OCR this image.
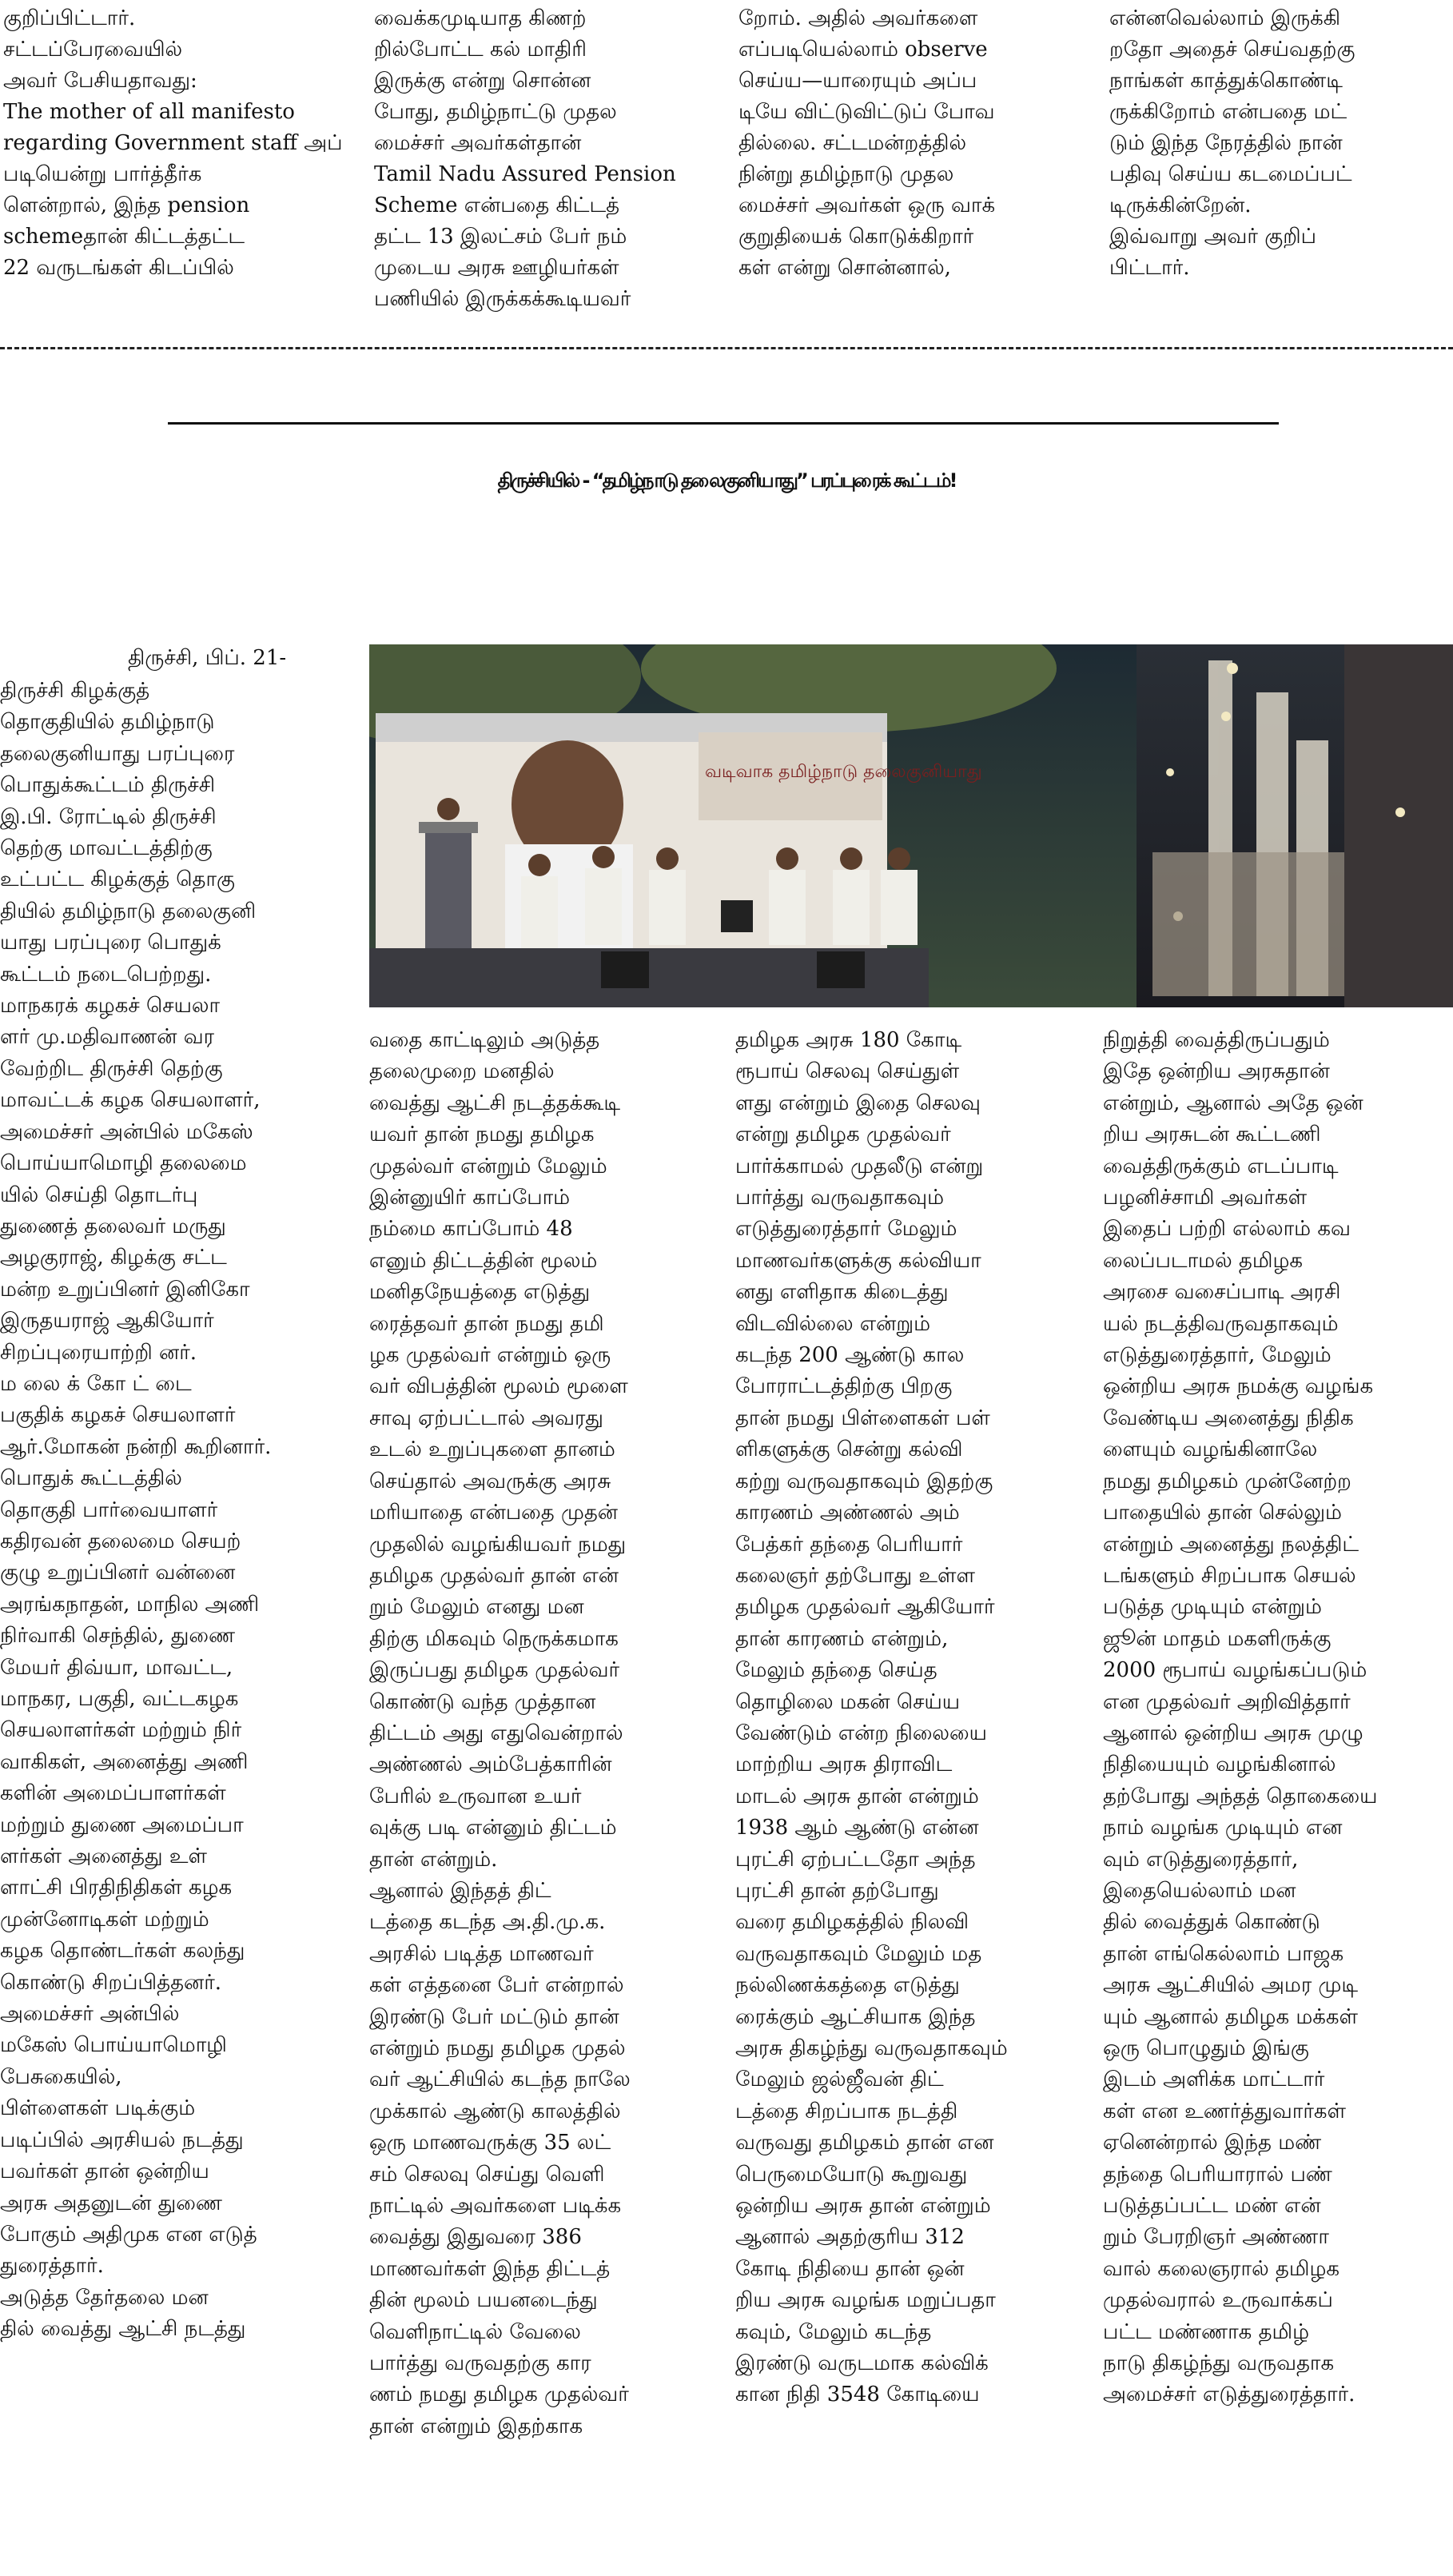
குறிப்பிட்டார்.
சட்டப்பேரவையில்
அவர் பேசியதாவது:
The mother of all manifesto
regarding Government staff அப்
படியென்று பார்த்தீர்க
ளென்றால், இந்த pension
schemeதான் கிட்டத்தட்ட
22 வருடங்கள் கிடப்பில்
வைக்கமுடியாத கிணற்
றில்போட்ட கல் மாதிரி
இருக்கு என்று சொன்ன
போது, தமிழ்நாட்டு முதல
மைச்சர் அவர்கள்தான்
Tamil Nadu Assured Pension
Scheme என்பதை கிட்டத்
தட்ட 13 இலட்சம் பேர் நம்
முடைய அரசு ஊழியர்கள்
பணியில் இருக்கக்கூடியவர்
றோம். அதில் அவர்களை
எப்படியெல்லாம் observe
செய்ய—யாரையும் அப்ப
டியே விட்டுவிட்டுப் போவ
தில்லை. சட்டமன்றத்தில்
நின்று தமிழ்நாடு முதல
மைச்சர் அவர்கள் ஒரு வாக்
குறுதியைக் கொடுக்கிறார்
கள் என்று சொன்னால்,
என்னவெல்லாம் இருக்கி
றதோ அதைச் செய்வதற்கு
நாங்கள் காத்துக்கொண்டி
ருக்கிறோம் என்பதை மட்
டும் இந்த நேரத்தில் நான்
பதிவு செய்ய கடமைப்பட்
டிருக்கின்றேன்.
இவ்வாறு அவர் குறிப்
பிட்டார்.
திருச்சியில் - “தமிழ்நாடு தலைகுனியாது” பரப்புரைக் கூட்டம்!
வடிவாக தமிழ்நாடு தலைகுனியாது
திருச்சி, பிப். 21-
திருச்சி கிழக்குத்
தொகுதியில் தமிழ்நாடு
தலைகுனியாது பரப்புரை
பொதுக்கூட்டம் திருச்சி
இ.பி. ரோட்டில் திருச்சி
தெற்கு மாவட்டத்திற்கு
உட்பட்ட கிழக்குத் தொகு
தியில் தமிழ்நாடு தலைகுனி
யாது பரப்புரை பொதுக்
கூட்டம் நடைபெற்றது.
மாநகரக் கழகச் செயலா
ளர் மு.மதிவாணன் வர
வேற்றிட திருச்சி தெற்கு
மாவட்டக் கழக செயலாளர்,
அமைச்சர் அன்பில் மகேஸ்
பொய்யாமொழி தலைமை
யில் செய்தி தொடர்பு
துணைத் தலைவர் மருது
அழகுராஜ், கிழக்கு சட்ட
மன்ற உறுப்பினர் இனிகோ
இருதயராஜ் ஆகியோர்
சிறப்புரையாற்றி னர்.
ம லை க் கோ ட் டை
பகுதிக் கழகச் செயலாளர்
ஆர்.மோகன் நன்றி கூறினார்.
பொதுக் கூட்டத்தில்
தொகுதி பார்வையாளர்
கதிரவன் தலைமை செயற்
குழு உறுப்பினர் வன்னை
அரங்கநாதன், மாநில அணி
நிர்வாகி செந்தில், துணை
மேயர் திவ்யா, மாவட்ட,
மாநகர, பகுதி, வட்டகழக
செயலாளர்கள் மற்றும் நிர்
வாகிகள், அனைத்து அணி
களின் அமைப்பாளர்கள்
மற்றும் துணை அமைப்பா
ளர்கள் அனைத்து உள்
ளாட்சி பிரதிநிதிகள் கழக
முன்னோடிகள் மற்றும்
கழக தொண்டர்கள் கலந்து
கொண்டு சிறப்பித்தனர்.
அமைச்சர் அன்பில்
மகேஸ் பொய்யாமொழி
பேசுகையில்,
பிள்ளைகள் படிக்கும்
படிப்பில் அரசியல் நடத்து
பவர்கள் தான் ஒன்றிய
அரசு அதனுடன் துணை
போகும் அதிமுக என எடுத்
துரைத்தார்.
அடுத்த தேர்தலை மன
தில் வைத்து ஆட்சி நடத்து
வதை காட்டிலும் அடுத்த
தலைமுறை மனதில்
வைத்து ஆட்சி நடத்தக்கூடி
யவர் தான் நமது தமிழக
முதல்வர் என்றும் மேலும்
இன்னுயிர் காப்போம்
நம்மை காப்போம் 48
எனும் திட்டத்தின் மூலம்
மனிதநேயத்தை எடுத்து
ரைத்தவர் தான் நமது தமி
ழக முதல்வர் என்றும் ஒரு
வர் விபத்தின் மூலம் மூளை
சாவு ஏற்பட்டால் அவரது
உடல் உறுப்புகளை தானம்
செய்தால் அவருக்கு அரசு
மரியாதை என்பதை முதன்
முதலில் வழங்கியவர் நமது
தமிழக முதல்வர் தான் என்
றும் மேலும் எனது மன
திற்கு மிகவும் நெருக்கமாக
இருப்பது தமிழக முதல்வர்
கொண்டு வந்த முத்தான
திட்டம் அது எதுவென்றால்
அண்ணல் அம்பேத்காரின்
பேரில் உருவான உயர்
வுக்கு படி என்னும் திட்டம்
தான் என்றும்.
ஆனால் இந்தத் திட்
டத்தை கடந்த அ.தி.மு.க.
அரசில் படித்த மாணவர்
கள் எத்தனை பேர் என்றால்
இரண்டு பேர் மட்டும் தான்
என்றும் நமது தமிழக முதல்
வர் ஆட்சியில் கடந்த நாலே
முக்கால் ஆண்டு காலத்தில்
ஒரு மாணவருக்கு 35 லட்
சம் செலவு செய்து வெளி
நாட்டில் அவர்களை படிக்க
வைத்து இதுவரை 386
மாணவர்கள் இந்த திட்டத்
தின் மூலம் பயனடைந்து
வெளிநாட்டில் வேலை
பார்த்து வருவதற்கு கார
ணம் நமது தமிழக முதல்வர்
தான் என்றும் இதற்காக
தமிழக அரசு 180 கோடி
ரூபாய் செலவு செய்துள்
ளது என்றும் இதை செலவு
என்று தமிழக முதல்வர்
பார்க்காமல் முதலீடு என்று
பார்த்து வருவதாகவும்
எடுத்துரைத்தார் மேலும்
மாணவர்களுக்கு கல்வியா
னது எளிதாக கிடைத்து
விடவில்லை என்றும்
கடந்த 200 ஆண்டு கால
போராட்டத்திற்கு பிறகு
தான் நமது பிள்ளைகள் பள்
ளிகளுக்கு சென்று கல்வி
கற்று வருவதாகவும் இதற்கு
காரணம் அண்ணல் அம்
பேத்கர் தந்தை பெரியார்
கலைஞர் தற்போது உள்ள
தமிழக முதல்வர் ஆகியோர்
தான் காரணம் என்றும்,
மேலும் தந்தை செய்த
தொழிலை மகன் செய்ய
வேண்டும் என்ற நிலையை
மாற்றிய அரசு திராவிட
மாடல் அரசு தான் என்றும்
1938 ஆம் ஆண்டு என்ன
புரட்சி ஏற்பட்டதோ அந்த
புரட்சி தான் தற்போது
வரை தமிழகத்தில் நிலவி
வருவதாகவும் மேலும் மத
நல்லிணக்கத்தை எடுத்து
ரைக்கும் ஆட்சியாக இந்த
அரசு திகழ்ந்து வருவதாகவும்
மேலும் ஜல்ஜீவன் திட்
டத்தை சிறப்பாக நடத்தி
வருவது தமிழகம் தான் என
பெருமையோடு கூறுவது
ஒன்றிய அரசு தான் என்றும்
ஆனால் அதற்குரிய 312
கோடி நிதியை தான் ஒன்
றிய அரசு வழங்க மறுப்பதா
கவும், மேலும் கடந்த
இரண்டு வருடமாக கல்விக்
கான நிதி 3548 கோடியை
நிறுத்தி வைத்திருப்பதும்
இதே ஒன்றிய அரசுதான்
என்றும், ஆனால் அதே ஒன்
றிய அரசுடன் கூட்டணி
வைத்திருக்கும் எடப்பாடி
பழனிச்சாமி அவர்கள்
இதைப் பற்றி எல்லாம் கவ
லைப்படாமல் தமிழக
அரசை வசைப்பாடி அரசி
யல் நடத்திவருவதாகவும்
எடுத்துரைத்தார், மேலும்
ஒன்றிய அரசு நமக்கு வழங்க
வேண்டிய அனைத்து நிதிக
ளையும் வழங்கினாலே
நமது தமிழகம் முன்னேற்ற
பாதையில் தான் செல்லும்
என்றும் அனைத்து நலத்திட்
டங்களும் சிறப்பாக செயல்
படுத்த முடியும் என்றும்
ஜூன் மாதம் மகளிருக்கு
2000 ரூபாய் வழங்கப்படும்
என முதல்வர் அறிவித்தார்
ஆனால் ஒன்றிய அரசு முழு
நிதியையும் வழங்கினால்
தற்போது அந்தத் தொகையை
நாம் வழங்க முடியும் என
வும் எடுத்துரைத்தார்,
இதையெல்லாம் மன
தில் வைத்துக் கொண்டு
தான் எங்கெல்லாம் பாஜக
அரசு ஆட்சியில் அமர முடி
யும் ஆனால் தமிழக மக்கள்
ஒரு பொழுதும் இங்கு
இடம் அளிக்க மாட்டார்
கள் என உணர்த்துவார்கள்
ஏனென்றால் இந்த மண்
தந்தை பெரியாரால் பண்
படுத்தப்பட்ட மண் என்
றும் பேரறிஞர் அண்ணா
வால் கலைஞரால் தமிழக
முதல்வரால் உருவாக்கப்
பட்ட மண்ணாக தமிழ்
நாடு திகழ்ந்து வருவதாக
அமைச்சர் எடுத்துரைத்தார்.
